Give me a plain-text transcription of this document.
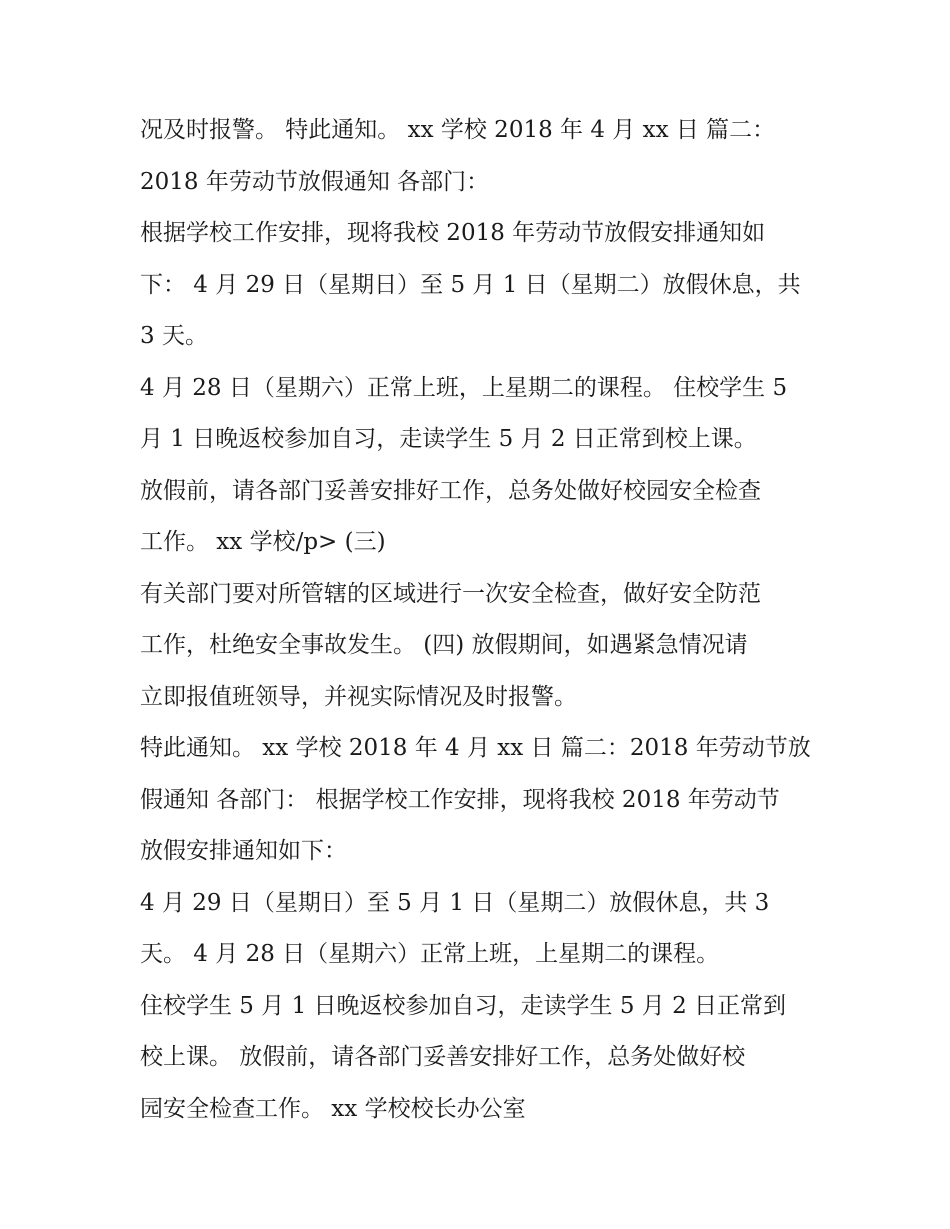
况及时报警。 特此通知。 xx 学校 2018 年 4 月 xx 日 篇二：
2018 年劳动节放假通知 各部门：
根据学校工作安排，现将我校 2018 年劳动节放假安排通知如
下： 4 月 29 日（星期日）至 5 月 1 日（星期二）放假休息，共
3 天。
4 月 28 日（星期六）正常上班，上星期二的课程。 住校学生 5
月 1 日晚返校参加自习，走读学生 5 月 2 日正常到校上课。
放假前，请各部门妥善安排好工作，总务处做好校园安全检查
工作。 xx 学校/p> (三)
有关部门要对所管辖的区域进行一次安全检查，做好安全防范
工作，杜绝安全事故发生。 (四) 放假期间，如遇紧急情况请
立即报值班领导，并视实际情况及时报警。
特此通知。 xx 学校 2018 年 4 月 xx 日 篇二：2018 年劳动节放
假通知 各部门： 根据学校工作安排，现将我校 2018 年劳动节
放假安排通知如下：
4 月 29 日（星期日）至 5 月 1 日（星期二）放假休息，共 3
天。 4 月 28 日（星期六）正常上班，上星期二的课程。
住校学生 5 月 1 日晚返校参加自习，走读学生 5 月 2 日正常到
校上课。 放假前，请各部门妥善安排好工作，总务处做好校
园安全检查工作。 xx 学校校长办公室
